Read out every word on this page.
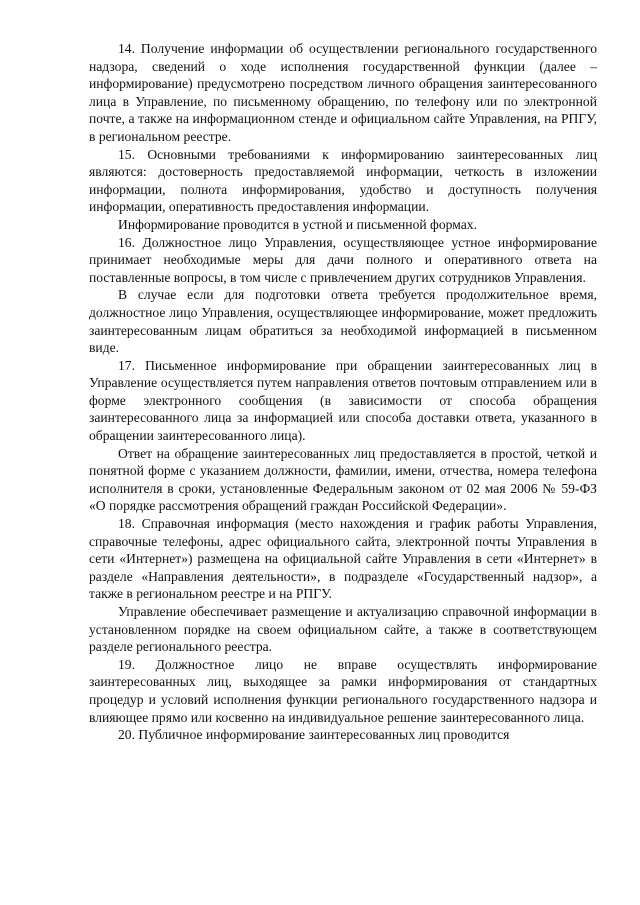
14. Получение информации об осуществлении регионального государственного надзора, сведений о ходе исполнения государственной функции (далее – информирование) предусмотрено посредством личного обращения заинтересованного лица в Управление, по письменному обращению, по телефону или по электронной почте, а также на информационном стенде и официальном сайте Управления, на РПГУ, в региональном реестре.

15. Основными требованиями к информированию заинтересованных лиц являются: достоверность предоставляемой информации, четкость в изложении информации, полнота информирования, удобство и доступность получения информации, оперативность предоставления информации.

Информирование проводится в устной и письменной формах.

16. Должностное лицо Управления, осуществляющее устное информирование принимает необходимые меры для дачи полного и оперативного ответа на поставленные вопросы, в том числе с привлечением других сотрудников Управления.

В случае если для подготовки ответа требуется продолжительное время, должностное лицо Управления, осуществляющее информирование, может предложить заинтересованным лицам обратиться за необходимой информацией в письменном виде.

17. Письменное информирование при обращении заинтересованных лиц в Управление осуществляется путем направления ответов почтовым отправлением или в форме электронного сообщения (в зависимости от способа обращения заинтересованного лица за информацией или способа доставки ответа, указанного в обращении заинтересованного лица).

Ответ на обращение заинтересованных лиц предоставляется в простой, четкой и понятной форме с указанием должности, фамилии, имени, отчества, номера телефона исполнителя в сроки, установленные Федеральным законом от 02 мая 2006 № 59-ФЗ «О порядке рассмотрения обращений граждан Российской Федерации».

18. Справочная информация (место нахождения и график работы Управления, справочные телефоны, адрес официального сайта, электронной почты Управления в сети «Интернет») размещена на официальной сайте Управления в сети «Интернет» в разделе «Направления деятельности», в подразделе «Государственный надзор», а также в региональном реестре и на РПГУ.

Управление обеспечивает размещение и актуализацию справочной информации в установленном порядке на своем официальном сайте, а также в соответствующем разделе регионального реестра.

19. Должностное лицо не вправе осуществлять информирование заинтересованных лиц, выходящее за рамки информирования от стандартных процедур и условий исполнения функции регионального государственного надзора и влияющее прямо или косвенно на индивидуальное решение заинтересованного лица.

20. Публичное информирование заинтересованных лиц проводится
